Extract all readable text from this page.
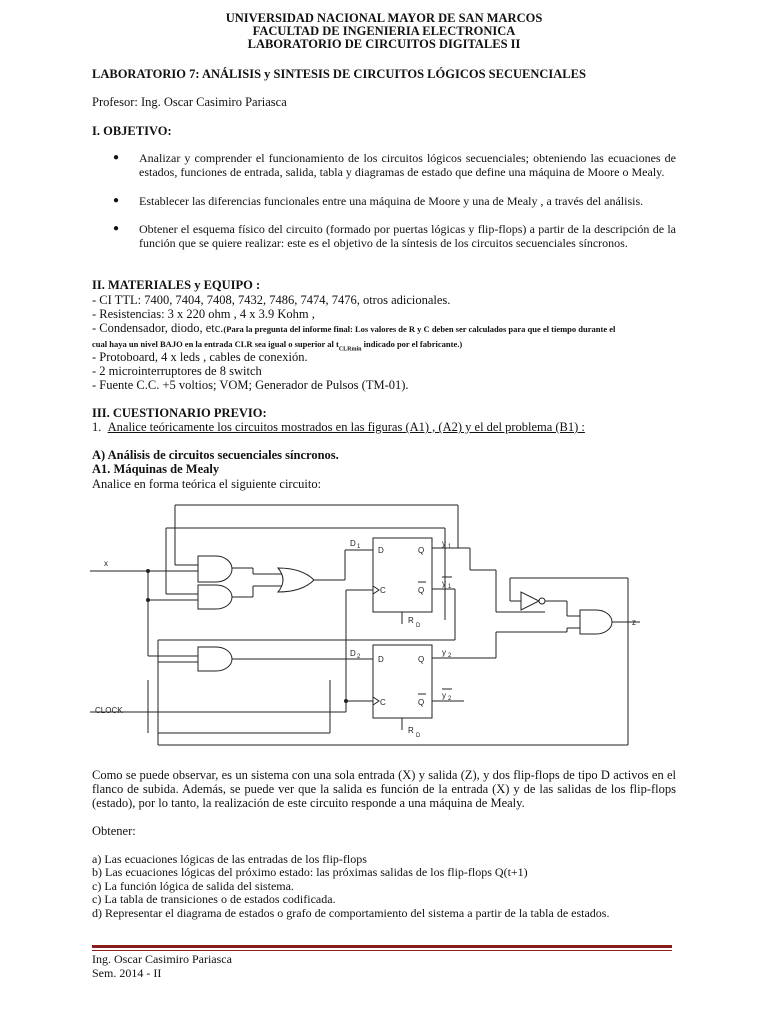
UNIVERSIDAD NACIONAL MAYOR DE SAN MARCOS
FACULTAD DE INGENIERIA ELECTRONICA
LABORATORIO DE CIRCUITOS DIGITALES II
LABORATORIO 7: ANÁLISIS y SINTESIS DE CIRCUITOS LÓGICOS SECUENCIALES
Profesor: Ing. Oscar Casimiro Pariasca
I. OBJETIVO:
● Analizar y comprender el funcionamiento de los circuitos lógicos secuenciales; obteniendo las ecuaciones de estados, funciones de entrada, salida, tabla y diagramas de estado que define una máquina de Moore o Mealy.
● Establecer las diferencias funcionales entre una máquina de Moore y una de Mealy , a través del análisis.
● Obtener el esquema físico del circuito (formado por puertas lógicas y flip-flops) a partir de la descripción de la función que se quiere realizar: este es el objetivo de la síntesis de los circuitos secuenciales síncronos.
II. MATERIALES y EQUIPO :
- CI TTL: 7400, 7404, 7408, 7432, 7486, 7474, 7476, otros adicionales.
- Resistencias: 3 x 220 ohm , 4 x 3.9 Kohm ,
- Condensador, diodo, etc.(Para la pregunta del informe final: Los valores de R y C deben ser calculados para que el tiempo durante el
cual haya un nivel BAJO en la entrada CLR sea igual o superior al $t_{CLRmin}$ indicado por el fabricante.)
- Protoboard, 4 x leds , cables de conexión.
- 2 microinterruptores de 8 switch
- Fuente C.C. +5 voltios; VOM; Generador de Pulsos (TM-01).
III. CUESTIONARIO PREVIO:
1. Analice teóricamente los circuitos mostrados en las figuras (A1) , (A2) y el del problema (B1) :
A) Análisis de circuitos secuenciales síncronos.
A1. Máquinas de Mealy
Analice en forma teórica el siguiente circuito:
x
CLOCK
D 1
D 2
D	Q
Q
C
R
D
D	Q
Q
C
R
D
y 1
y 1
y 2
y 2
z
Como se puede observar, es un sistema con una sola entrada (X) y salida (Z), y dos flip-flops de tipo D activos en el flanco de subida. Además, se puede ver que la salida es función de la entrada (X) y de las salidas de los flip-flops (estado), por lo tanto, la realización de este circuito responde a una máquina de Mealy.
Obtener:
a) Las ecuaciones lógicas de las entradas de los flip-flops
b) Las ecuaciones lógicas del próximo estado: las próximas salidas de los flip-flops Q(t+1)
c) La función lógica de salida del sistema.
c) La tabla de transiciones o de estados codificada.
d) Representar el diagrama de estados o grafo de comportamiento del sistema a partir de la tabla de estados.
Ing. Oscar Casimiro Pariasca
Sem. 2014 - II
